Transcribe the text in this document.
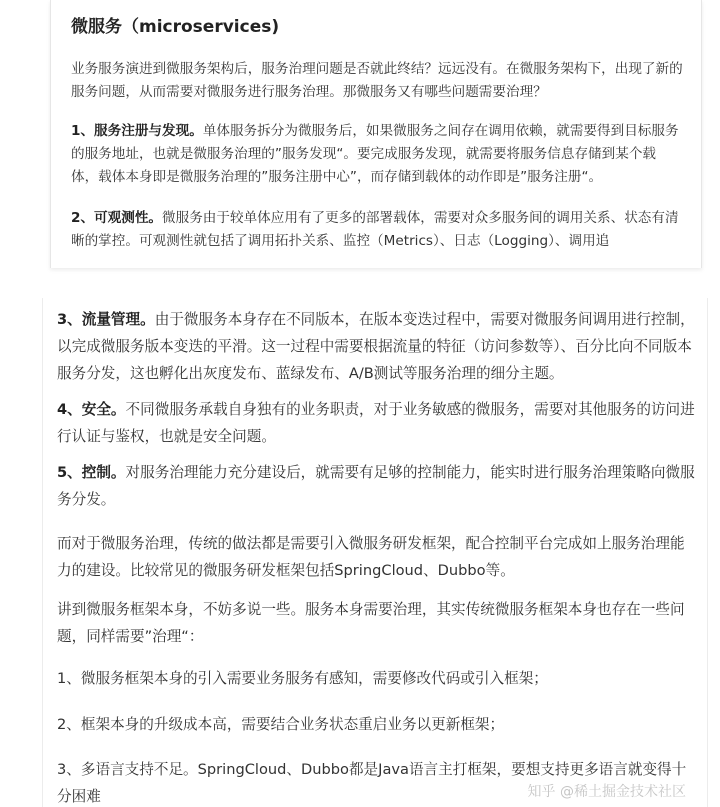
微服务（microservices)
业务服务演进到微服务架构后，服务治理问题是否就此终结？远远没有。在微服务架构下，出现了新的服务问题，从而需要对微服务进行服务治理。那微服务又有哪些问题需要治理？
1、服务注册与发现。单体服务拆分为微服务后，如果微服务之间存在调用依赖，就需要得到目标服务的服务地址，也就是微服务治理的”服务发现“。要完成服务发现，就需要将服务信息存储到某个载体，载体本身即是微服务治理的”服务注册中心”，而存储到载体的动作即是”服务注册“。
2、可观测性。微服务由于较单体应用有了更多的部署载体，需要对众多服务间的调用关系、状态有清晰的掌控。可观测性就包括了调用拓扑关系、监控（Metrics）、日志（Logging）、调用追
3、流量管理。由于微服务本身存在不同版本，在版本变迭过程中，需要对微服务间调用进行控制，以完成微服务版本变迭的平滑。这一过程中需要根据流量的特征（访问参数等）、百分比向不同版本服务分发，这也孵化出灰度发布、蓝绿发布、A/B测试等服务治理的细分主题。
4、安全。不同微服务承载自身独有的业务职责，对于业务敏感的微服务，需要对其他服务的访问进行认证与鉴权，也就是安全问题。
5、控制。对服务治理能力充分建设后，就需要有足够的控制能力，能实时进行服务治理策略向微服务分发。
而对于微服务治理，传统的做法都是需要引入微服务研发框架，配合控制平台完成如上服务治理能力的建设。比较常见的微服务研发框架包括SpringCloud、Dubbo等。
讲到微服务框架本身，不妨多说一些。服务本身需要治理，其实传统微服务框架本身也存在一些问题，同样需要”治理“：
1、微服务框架本身的引入需要业务服务有感知，需要修改代码或引入框架；
2、框架本身的升级成本高，需要结合业务状态重启业务以更新框架；
3、多语言支持不足。SpringCloud、Dubbo都是Java语言主打框架，要想支持更多语言就变得十分困难	知乎 @稀土掘金技术社区
